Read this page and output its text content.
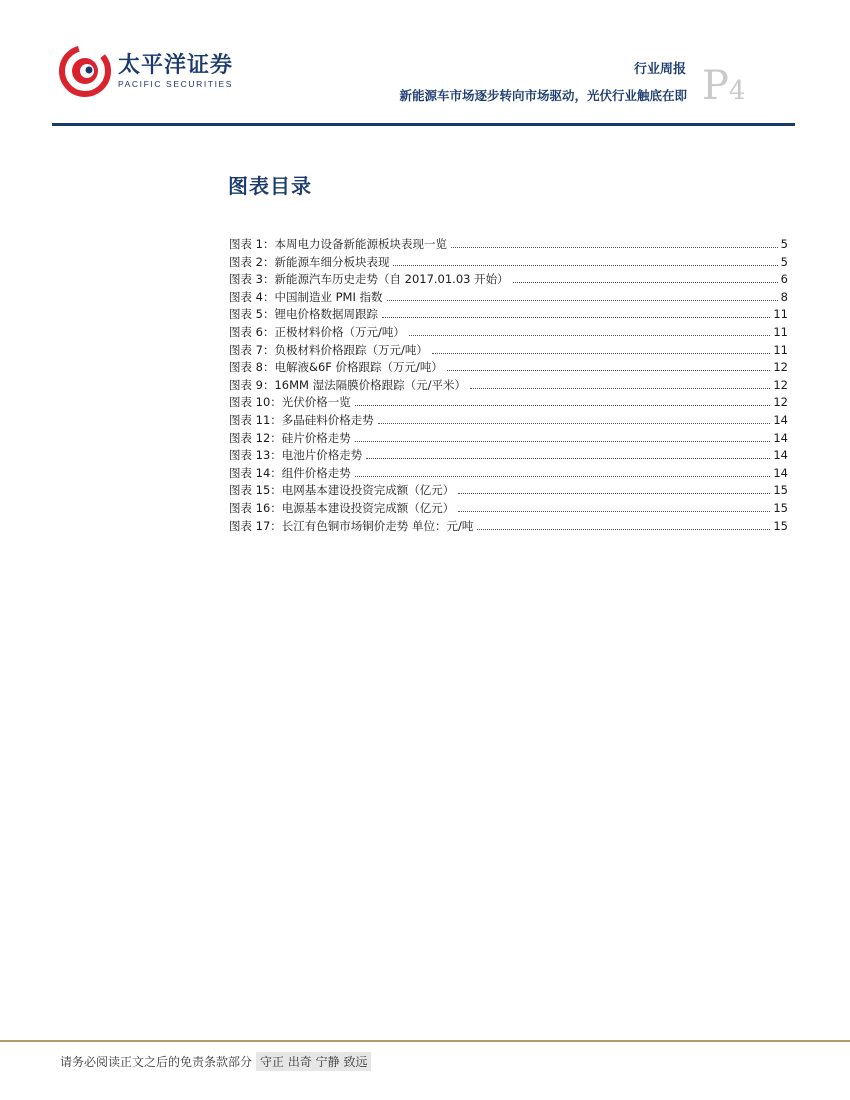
太平洋证券
PACIFIC SECURITIES
行业周报
新能源车市场逐步转向市场驱动，光伏行业触底在即 P4
图表目录
图表 1：本周电力设备新能源板块表现一览	5
图表 2：新能源车细分板块表现	5
图表 3：新能源汽车历史走势（自 2017.01.03 开始）	6
图表 4：中国制造业 PMI 指数	8
图表 5：锂电价格数据周跟踪	11
图表 6：正极材料价格（万元/吨）	11
图表 7：负极材料价格跟踪（万元/吨）	11
图表 8：电解液&6F 价格跟踪（万元/吨）	12
图表 9：16MM 湿法隔膜价格跟踪（元/平米）	12
图表 10：光伏价格一览	12
图表 11：多晶硅料价格走势	14
图表 12：硅片价格走势	14
图表 13：电池片价格走势	14
图表 14：组件价格走势	14
图表 15：电网基本建设投资完成额（亿元）	15
图表 16：电源基本建设投资完成额（亿元）	15
图表 17：长江有色铜市场铜价走势 单位：元/吨	15
请务必阅读正文之后的免责条款部分 守正 出奇 宁静 致远
